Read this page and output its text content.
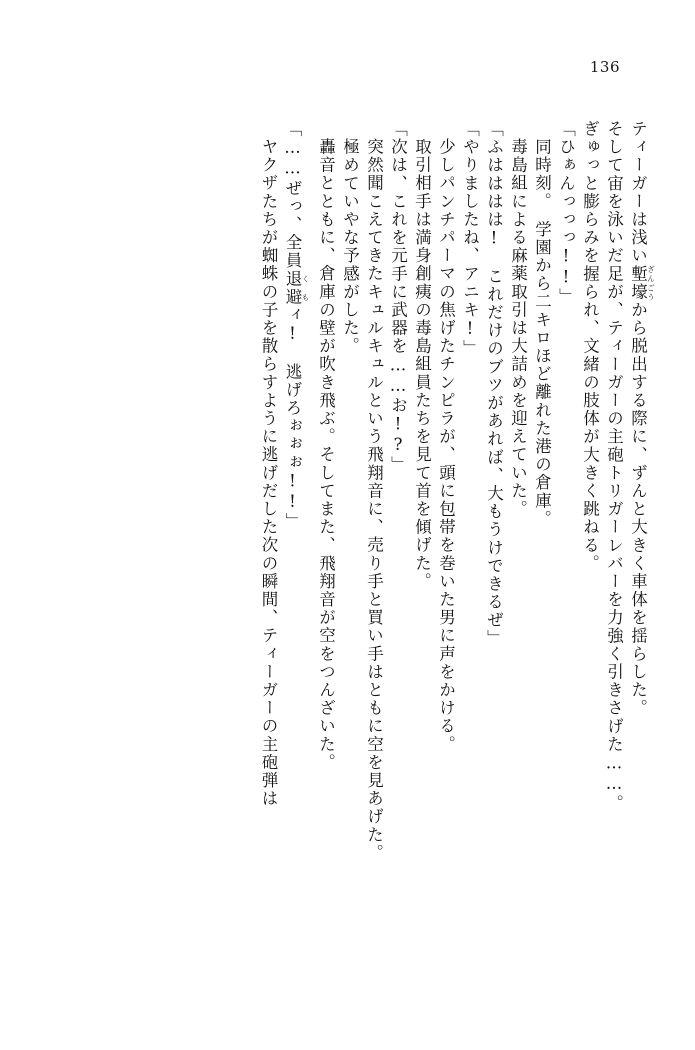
136
ティーガーは浅い塹壕 ざんごうから脱出する際に、ずんと大きく車体を揺らした。
そして宙を泳いだ足が、ティーガーの主砲トリガーレバーを力強く引きさげた……。
ぎゅっと膨らみを握られ、文緒の肢体が大きく跳ねる。
「ひぁんっっっ!!」
同時刻。　学園から二キロほど離れた港の倉庫。
毒島組による麻薬取引は大詰めを迎えていた。
「ふはははは!　これだけのブツがあれば、大もうけできるぜ」
「やりましたね、アニキ!」
少しパンチパーマの焦げたチンピラが、頭に包帯を巻いた男に声をかける。
取引相手は満身創痍の毒島組員たちを見て首を傾げた。
「次は、これを元手に武器を……お!?」
突然聞こえてきたキュルキュルという飛翔音に、売り手と買い手はともに空を見あげた。
　極めていやな予感がした。
轟音とともに、倉庫の壁が吹き飛ぶ。そしてまた、飛翔音が空をつんざいた。
「……ぜっ、全員退避 くもィ!　逃げろぉぉぉ!!」
ヤクザたちが蜘蛛の子を散らすように逃げだした次の瞬間、ティーガーの主砲弾は
